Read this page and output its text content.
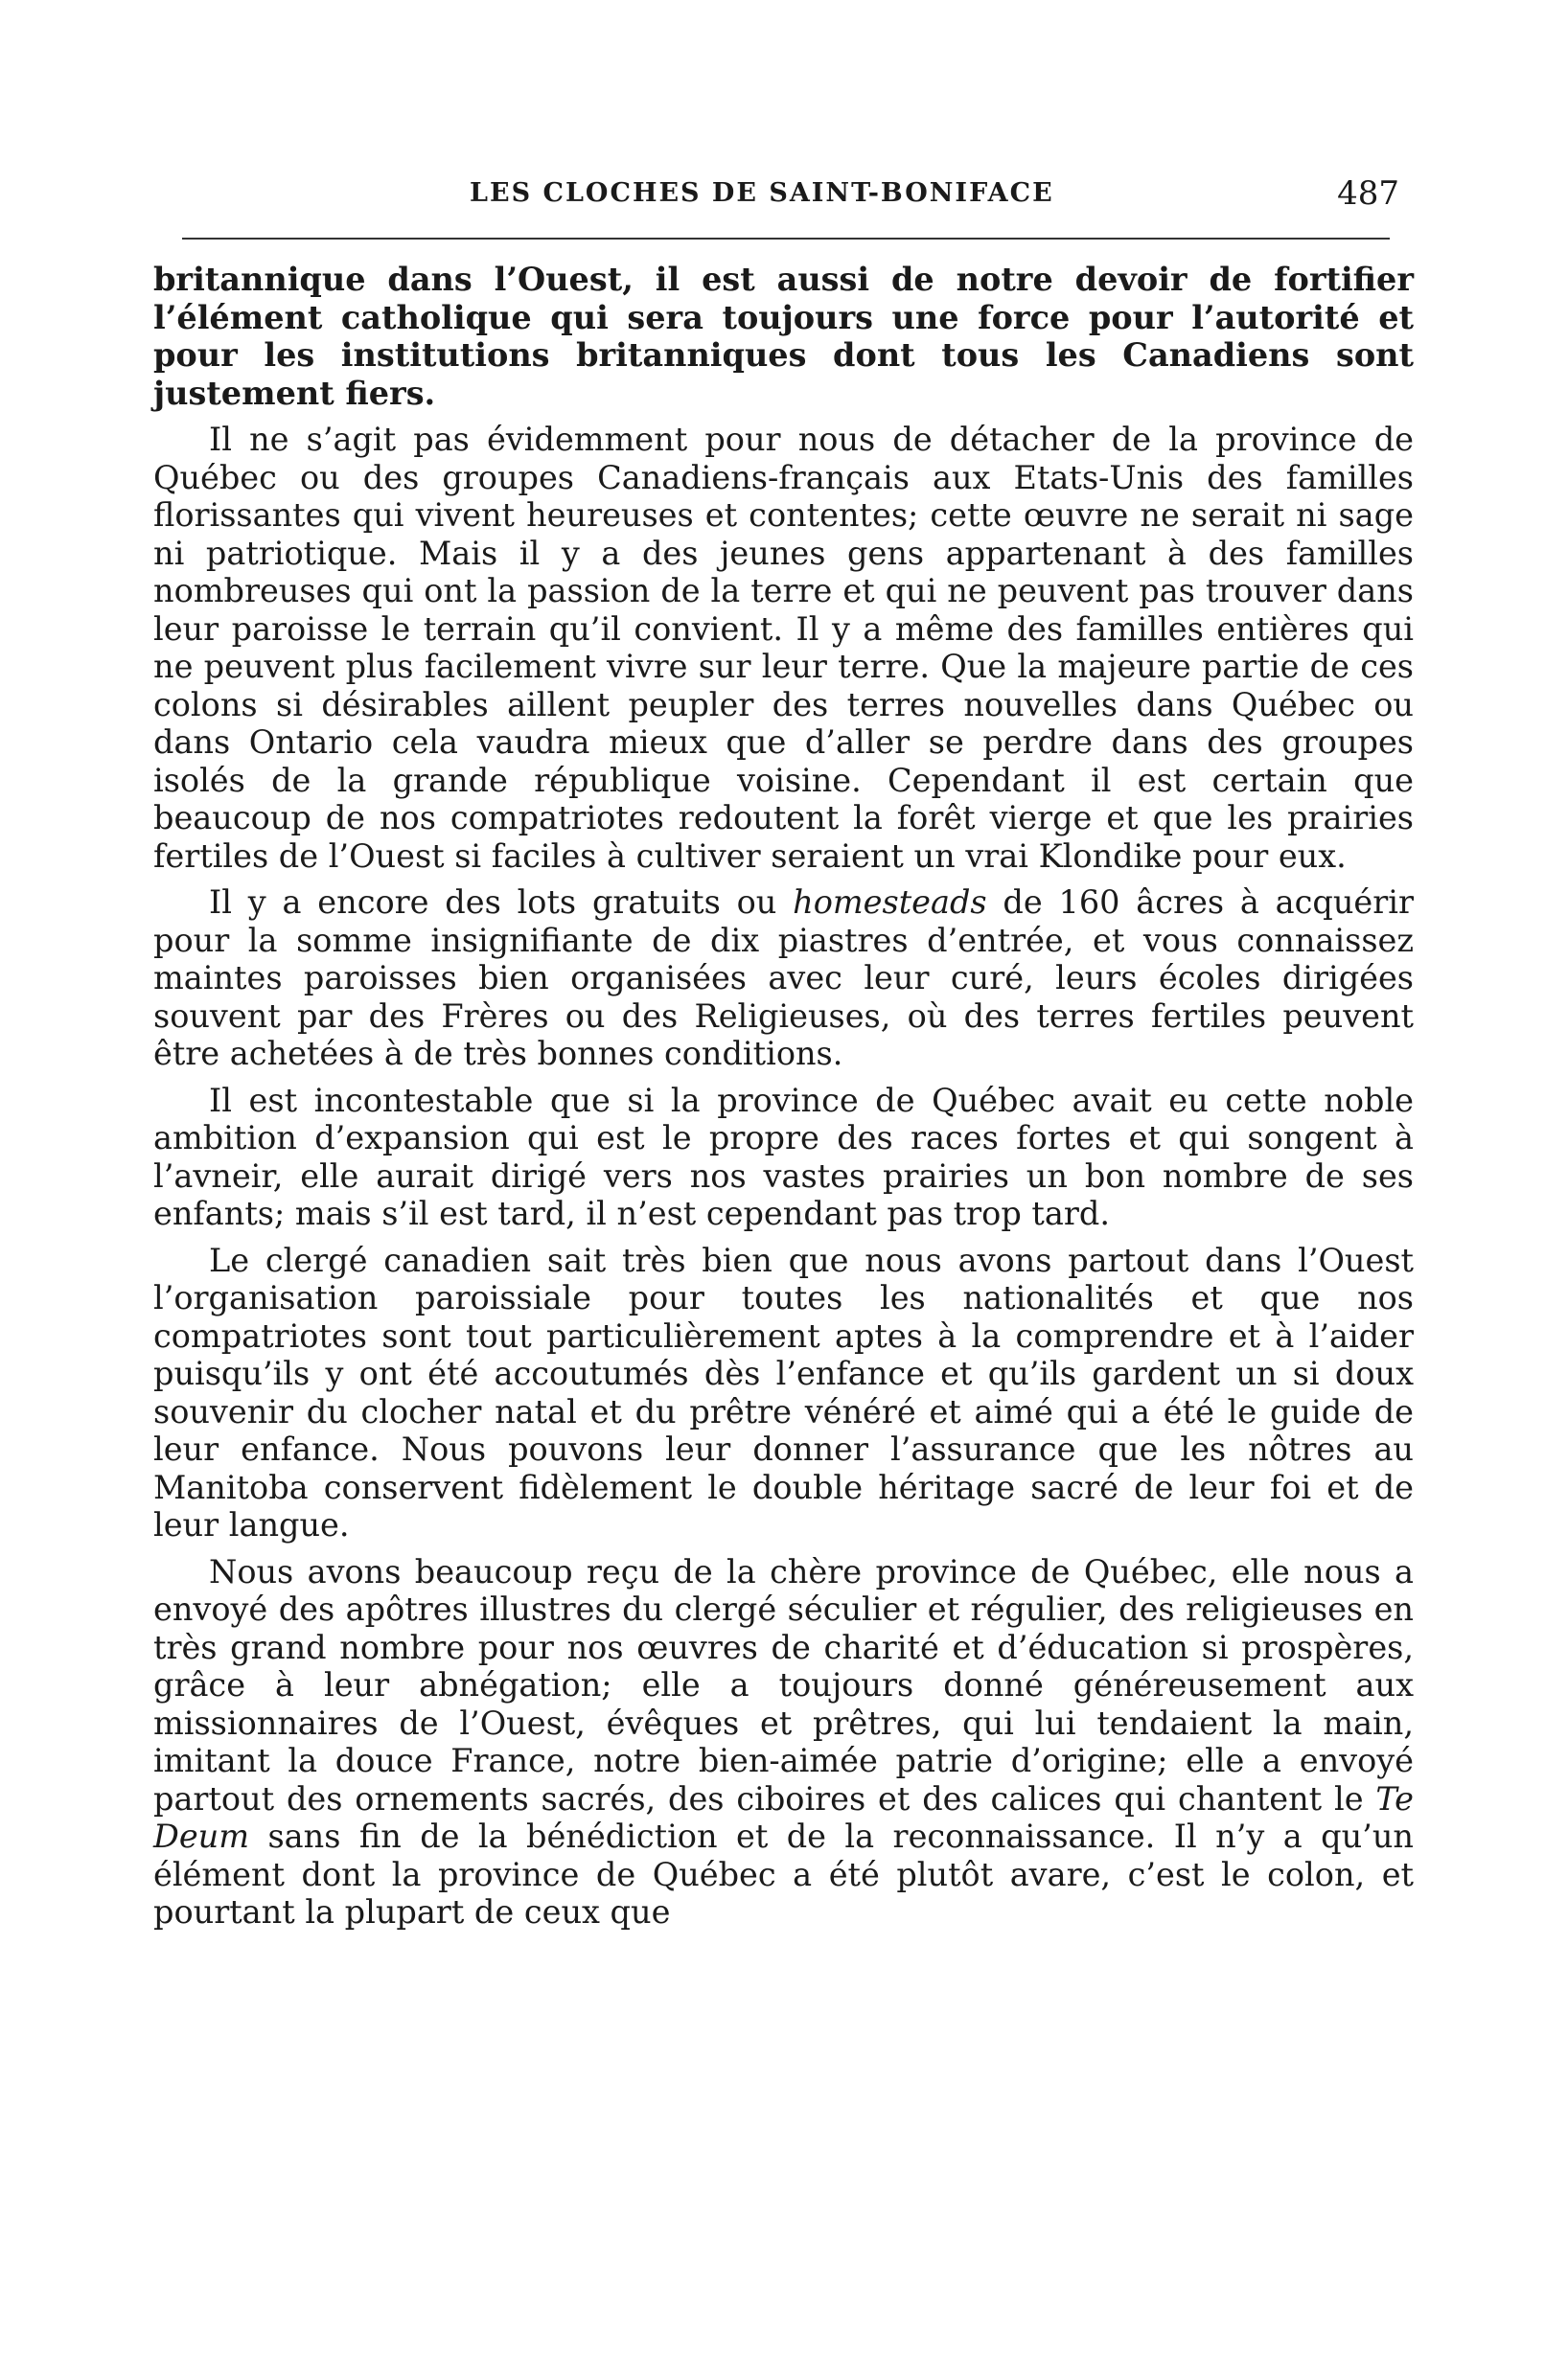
LES CLOCHES DE SAINT-BONIFACE	487

britannique dans l’Ouest, il est aussi de notre devoir de fortifier l’élément catholique qui sera toujours une force pour l’autorité et pour les institutions britanniques dont tous les Canadiens sont justement fiers.

Il ne s’agit pas évidemment pour nous de détacher de la province de Québec ou des groupes Canadiens-français aux Etats-Unis des familles florissantes qui vivent heureuses et contentes; cette œuvre ne serait ni sage ni patriotique. Mais il y a des jeunes gens appartenant à des familles nombreuses qui ont la passion de la terre et qui ne peuvent pas trouver dans leur paroisse le terrain qu’il convient. Il y a même des familles entières qui ne peuvent plus facilement vivre sur leur terre. Que la majeure partie de ces colons si désirables aillent peupler des terres nouvelles dans Québec ou dans Ontario cela vaudra mieux que d’aller se perdre dans des groupes isolés de la grande république voisine. Cependant il est certain que beaucoup de nos compatriotes redoutent la forêt vierge et que les prairies fertiles de l’Ouest si faciles à cultiver seraient un vrai Klondike pour eux.

Il y a encore des lots gratuits ou homesteads de 160 âcres à acquérir pour la somme insignifiante de dix piastres d’entrée, et vous connaissez maintes paroisses bien organisées avec leur curé, leurs écoles dirigées souvent par des Frères ou des Religieuses, où des terres fertiles peuvent être achetées à de très bonnes conditions.

Il est incontestable que si la province de Québec avait eu cette noble ambition d’expansion qui est le propre des races fortes et qui songent à l’avneir, elle aurait dirigé vers nos vastes prairies un bon nombre de ses enfants; mais s’il est tard, il n’est cependant pas trop tard.

Le clergé canadien sait très bien que nous avons partout dans l’Ouest l’organisation paroissiale pour toutes les nationalités et que nos compatriotes sont tout particulièrement aptes à la comprendre et à l’aider puisqu’ils y ont été accoutumés dès l’enfance et qu’ils gardent un si doux souvenir du clocher natal et du prêtre vénéré et aimé qui a été le guide de leur enfance. Nous pouvons leur donner l’assurance que les nôtres au Manitoba conservent fidèlement le double héritage sacré de leur foi et de leur langue.

Nous avons beaucoup reçu de la chère province de Québec, elle nous a envoyé des apôtres illustres du clergé séculier et régulier, des religieuses en très grand nombre pour nos œuvres de charité et d’éducation si prospères, grâce à leur abnégation; elle a toujours donné généreusement aux missionnaires de l’Ouest, évêques et prêtres, qui lui tendaient la main, imitant la douce France, notre bien-aimée patrie d’origine; elle a envoyé partout des ornements sacrés, des ciboires et des calices qui chantent le Te Deum sans fin de la bénédiction et de la reconnaissance. Il n’y a qu’un élément dont la province de Québec a été plutôt avare, c’est le colon, et pourtant la plupart de ceux que
